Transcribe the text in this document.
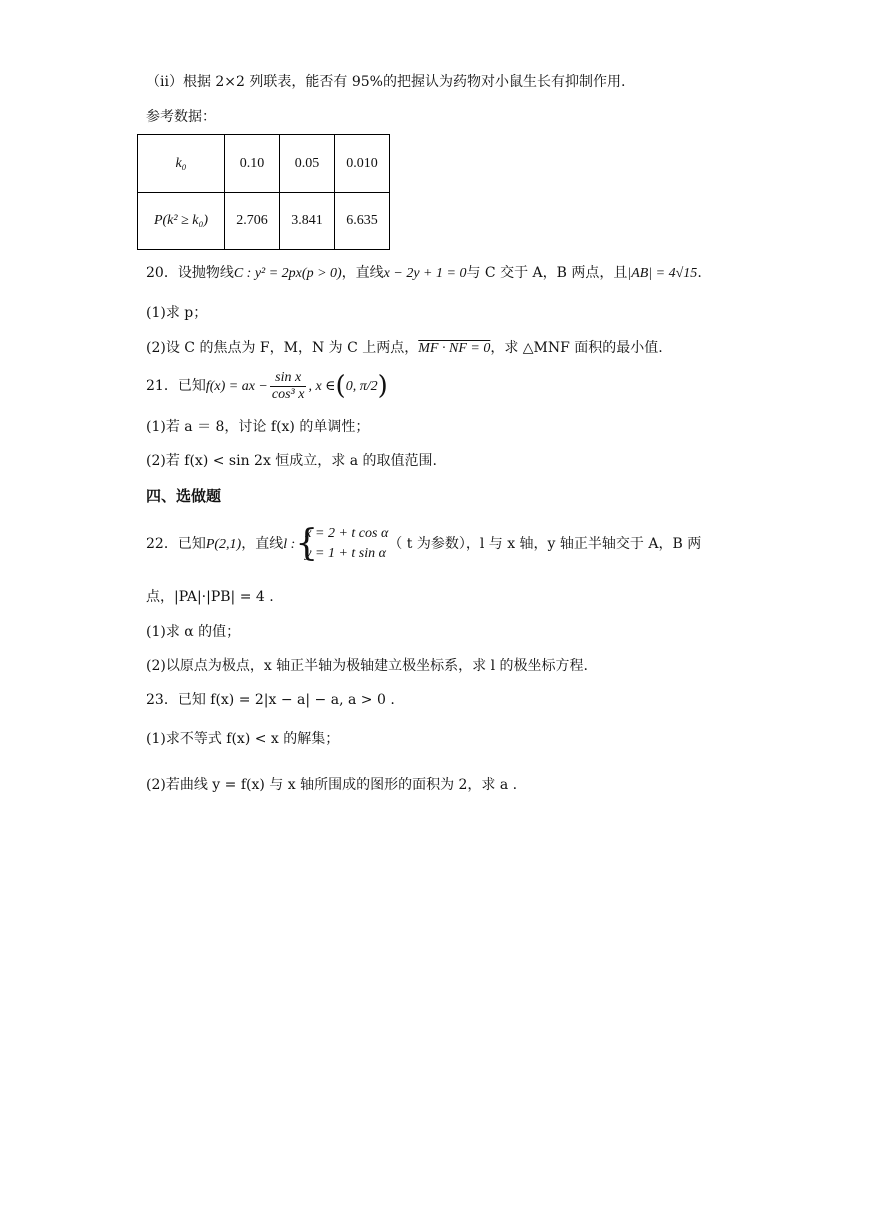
（ii）根据 2×2 列联表，能否有 95%的把握认为药物对小鼠生长有抑制作用.
参考数据：
k₀	0.10	0.05	0.010
P(k² ≥ k₀)	2.706	3.841	6.635
20．设抛物线C : y² = 2px(p > 0)，直线x − 2y + 1 = 0与 C 交于 A，B 两点，且|AB| = 4√15.
(1)求 p；
(2)设 C 的焦点为 F，M，N 为 C 上两点，MF · NF = 0，求 △MNF 面积的最小值.
21．已知f(x) = ax − $\frac{\text{sin x}}{\text{cos³ x}}$ , x ∈(0, π/2)
(1)若 a ＝ 8，讨论 f(x) 的单调性；
(2)若 f(x) < sin 2x 恒成立，求 a 的取值范围.
四、选做题
22．已知P(2,1)，直线l : {
x = 2 + t cos α
y = 1 + t sin α
（ t 为参数），l 与 x 轴，y 轴正半轴交于 A，B 两
点，|PA|·|PB| = 4 .
(1)求 α 的值；
(2)以原点为极点，x 轴正半轴为极轴建立极坐标系，求 l 的极坐标方程.
23．已知 f(x) = 2|x − a| − a, a > 0 .
(1)求不等式 f(x) < x 的解集；
(2)若曲线 y = f(x) 与 x 轴所围成的图形的面积为 2，求 a .
